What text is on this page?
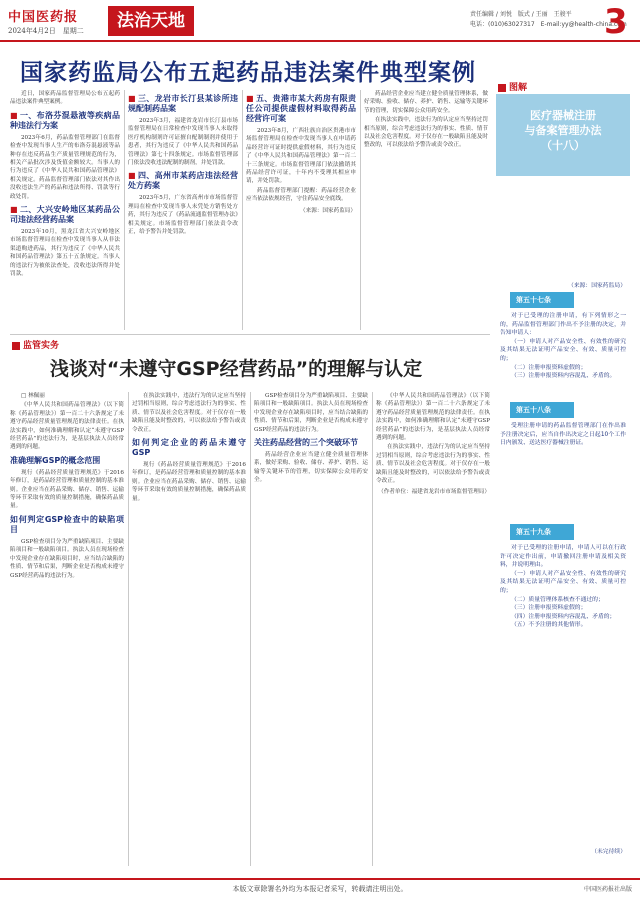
中国医药报
2024年4月2日　星期二	法治天地	责任编辑 / 刘悦　版式 / 王丽　王骏平
电话：(010)63027317　E-mail:yy@health-china.com
3
国家药监局公布五起药品违法案件典型案例

近日，国家药品监督管理局公布五起药品违法案件典型案例。

■ 一、布洛芬混悬液等疾病品种违法行为案

2023年6月，药品监督管理部门在监督检查中发现当事人生产的布洛芬混悬液等品种存在违反药品生产质量管理规范的行为，相关产品批次涉及货值金额较大。当事人的行为违反了《中华人民共和国药品管理法》相关规定。药品监督管理部门依法对其作出没收违法生产的药品和违法所得、罚款等行政处罚。

■ 二、大兴安岭地区某药品公司违法经营药品案

2023年10月，黑龙江省大兴安岭地区市场监督管理局在检查中发现当事人从非法渠道购进药品，其行为违反了《中华人民共和国药品管理法》第五十五条规定。当事人的违法行为被依法查处，没收违法所得并处罚款。

■ 三、龙岩市长汀县某诊所违规配制药品案

2023年3月，福建省龙岩市长汀县市场监督管理局在日常检查中发现当事人未取得医疗机构制剂许可证擅自配制制剂并使用于患者，其行为违反了《中华人民共和国药品管理法》第七十四条规定。市场监督管理部门依法没收违法配制的制剂，并处罚款。

■ 四、高州市某药店违法经营处方药案

2023年5月，广东省高州市市场监督管理局在检查中发现当事人未凭处方销售处方药，其行为违反了《药品流通监督管理办法》相关规定。市场监督管理部门依法责令改正，给予警告并处罚款。

■ 五、贵港市某大药房有限责任公司提供虚假材料取得药品经营许可案

2023年8月，广西壮族自治区贵港市市场监督管理局在检查中发现当事人在申请药品经营许可证时提供虚假材料，其行为违反了《中华人民共和国药品管理法》第一百二十三条规定。市场监督管理部门依法撤销其药品经营许可证，十年内不受理其相应申请，并处罚款。

药品监督管理部门提醒：药品经营企业应当依法依规经营，守住药品安全底线。

（来源：国家药监局）

药品经营企业应当建立健全质量管理体系，做好采购、验收、储存、养护、销售、运输等关键环节的管理，切实保障公众用药安全。

在执法实践中，违法行为的认定应当坚持过罚相当原则，综合考虑违法行为的事实、性质、情节以及社会危害程度。对于仅存在一般缺陷且能及时整改的，可以依法给予警告或责令改正。

图解
监管实务
浅谈对“未遵守GSP经营药品”的理解与认定

□ 林佩丽

《中华人民共和国药品管理法》（以下简称《药品管理法》）第一百二十六条规定了未遵守药品经营质量管理规范的法律责任。在执法实践中，如何准确理解和认定“未遵守GSP经营药品”的违法行为，是基层执法人员经常遇到的问题。

准确理解GSP的概念范围

现行《药品经营质量管理规范》于2016年修订，是药品经营管理和质量控制的基本准则。企业应当在药品采购、储存、销售、运输等环节采取有效的质量控制措施，确保药品质量。

如何判定GSP检查中的缺陷项目

GSP检查项目分为严重缺陷项目、主要缺陷项目和一般缺陷项目。执法人员在现场检查中发现企业存在缺陷项目时，应当结合缺陷的性质、情节和后果，判断企业是否构成未遵守GSP经营药品的违法行为。

在执法实践中，违法行为的认定应当坚持过罚相当原则，综合考虑违法行为的事实、性质、情节以及社会危害程度。对于仅存在一般缺陷且能及时整改的，可以依法给予警告或责令改正。

如何判定企业的药品未遵守GSP

现行《药品经营质量管理规范》于2016年修订，是药品经营管理和质量控制的基本准则。企业应当在药品采购、储存、销售、运输等环节采取有效的质量控制措施，确保药品质量。

GSP检查项目分为严重缺陷项目、主要缺陷项目和一般缺陷项目。执法人员在现场检查中发现企业存在缺陷项目时，应当结合缺陷的性质、情节和后果，判断企业是否构成未遵守GSP经营药品的违法行为。

关注药品经营的三个突破环节

药品经营企业应当建立健全质量管理体系，做好采购、验收、储存、养护、销售、运输等关键环节的管理，切实保障公众用药安全。

《中华人民共和国药品管理法》（以下简称《药品管理法》）第一百二十六条规定了未遵守药品经营质量管理规范的法律责任。在执法实践中，如何准确理解和认定“未遵守GSP经营药品”的违法行为，是基层执法人员经常遇到的问题。

在执法实践中，违法行为的认定应当坚持过罚相当原则，综合考虑违法行为的事实、性质、情节以及社会危害程度。对于仅存在一般缺陷且能及时整改的，可以依法给予警告或责令改正。

（作者单位：福建省龙岩市市场监督管理局）
医疗器械注册
与备案管理办法
（十八）
第五十七条

对于已受理的注册申请，有下列情形之一的，药品监督管理部门作出不予注册的决定，并告知申请人：

（一）申请人对产品安全性、有效性的研究及其结果无法证明产品安全、有效、质量可控的；

（二）注册申报资料虚假的；

（三）注册申报资料内容混乱、矛盾的。

第五十八条

受理注册申请的药品监督管理部门在作出准予注册决定后，应当自作出决定之日起10个工作日内颁发、送达医疗器械注册证。

第五十九条

对于已受理的注册申请，申请人可以在行政许可决定作出前，申请撤回注册申请及相关资料，并说明理由。

（一）申请人对产品安全性、有效性的研究及其结果无法证明产品安全、有效、质量可控的；

（二）质量管理体系核查不通过的；

（三）注册申报资料虚假的；

（四）注册申报资料内容混乱、矛盾的；

（五）不予注册的其他情形。

（未完待续）
（来源：国家药监局）
本版文章除署名外均为本报记者采写，转载请注明出处。	中国医药报社出版
